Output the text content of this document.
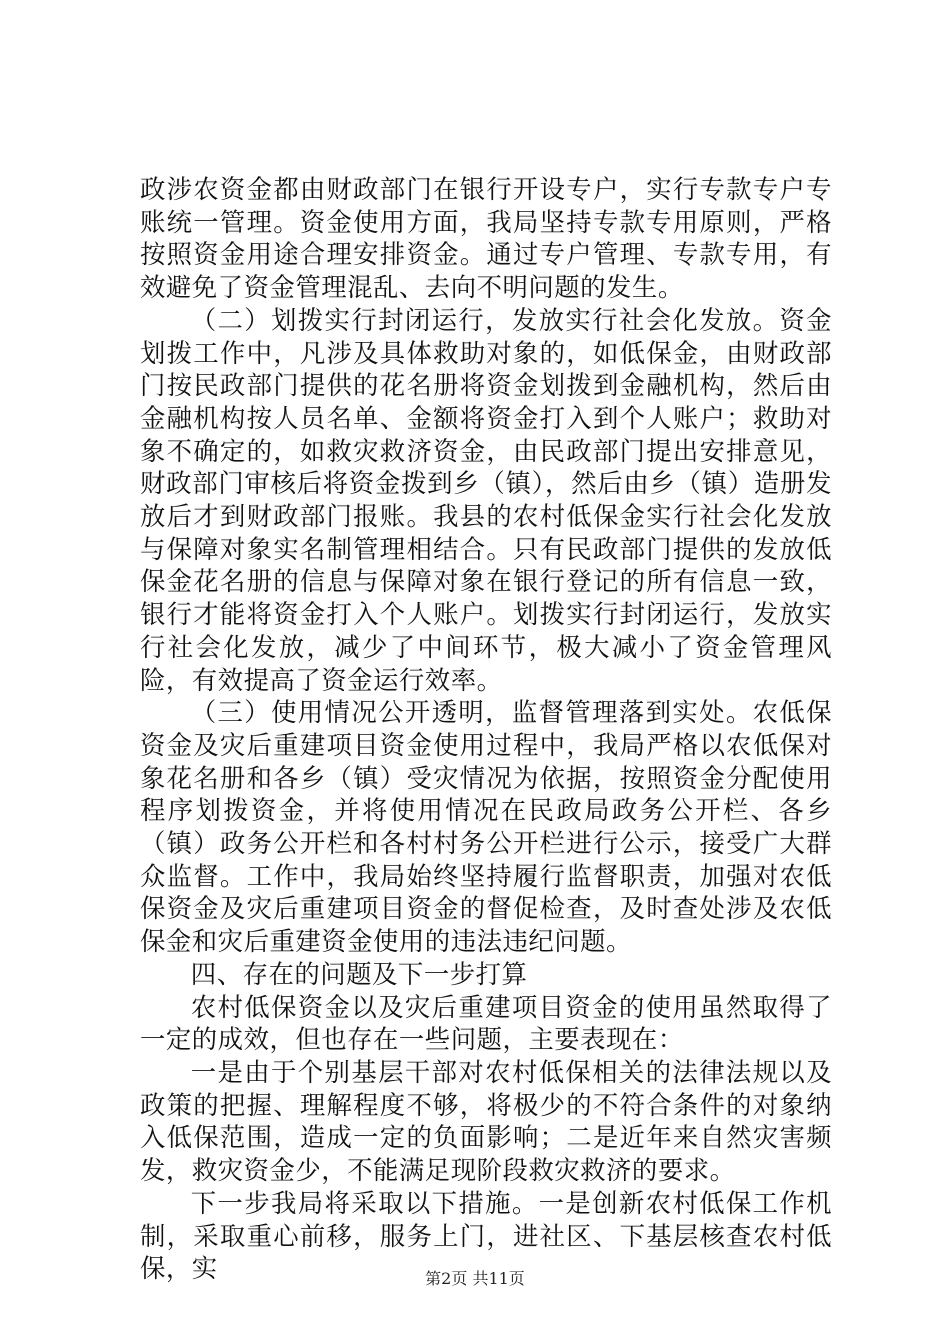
政涉农资金都由财政部门在银行开设专户，实行专款专户专账统一管理。资金使用方面，我局坚持专款专用原则，严格按照资金用途合理安排资金。通过专户管理、专款专用，有效避免了资金管理混乱、去向不明问题的发生。

（二）划拨实行封闭运行，发放实行社会化发放。资金划拨工作中，凡涉及具体救助对象的，如低保金，由财政部门按民政部门提供的花名册将资金划拨到金融机构，然后由金融机构按人员名单、金额将资金打入到个人账户；救助对象不确定的，如救灾救济资金，由民政部门提出安排意见，财政部门审核后将资金拨到乡（镇），然后由乡（镇）造册发放后才到财政部门报账。我县的农村低保金实行社会化发放与保障对象实名制管理相结合。只有民政部门提供的发放低保金花名册的信息与保障对象在银行登记的所有信息一致，银行才能将资金打入个人账户。划拨实行封闭运行，发放实行社会化发放，减少了中间环节，极大减小了资金管理风险，有效提高了资金运行效率。

（三）使用情况公开透明，监督管理落到实处。农低保资金及灾后重建项目资金使用过程中，我局严格以农低保对象花名册和各乡（镇）受灾情况为依据，按照资金分配使用程序划拨资金，并将使用情况在民政局政务公开栏、各乡（镇）政务公开栏和各村村务公开栏进行公示，接受广大群众监督。工作中，我局始终坚持履行监督职责，加强对农低保资金及灾后重建项目资金的督促检查，及时查处涉及农低保金和灾后重建资金使用的违法违纪问题。

四、存在的问题及下一步打算

农村低保资金以及灾后重建项目资金的使用虽然取得了一定的成效，但也存在一些问题，主要表现在：

一是由于个别基层干部对农村低保相关的法律法规以及政策的把握、理解程度不够，将极少的不符合条件的对象纳入低保范围，造成一定的负面影响；二是近年来自然灾害频发，救灾资金少，不能满足现阶段救灾救济的要求。

下一步我局将采取以下措施。一是创新农村低保工作机制，采取重心前移，服务上门，进社区、下基层核查农村低保，实	第2页 共11页
